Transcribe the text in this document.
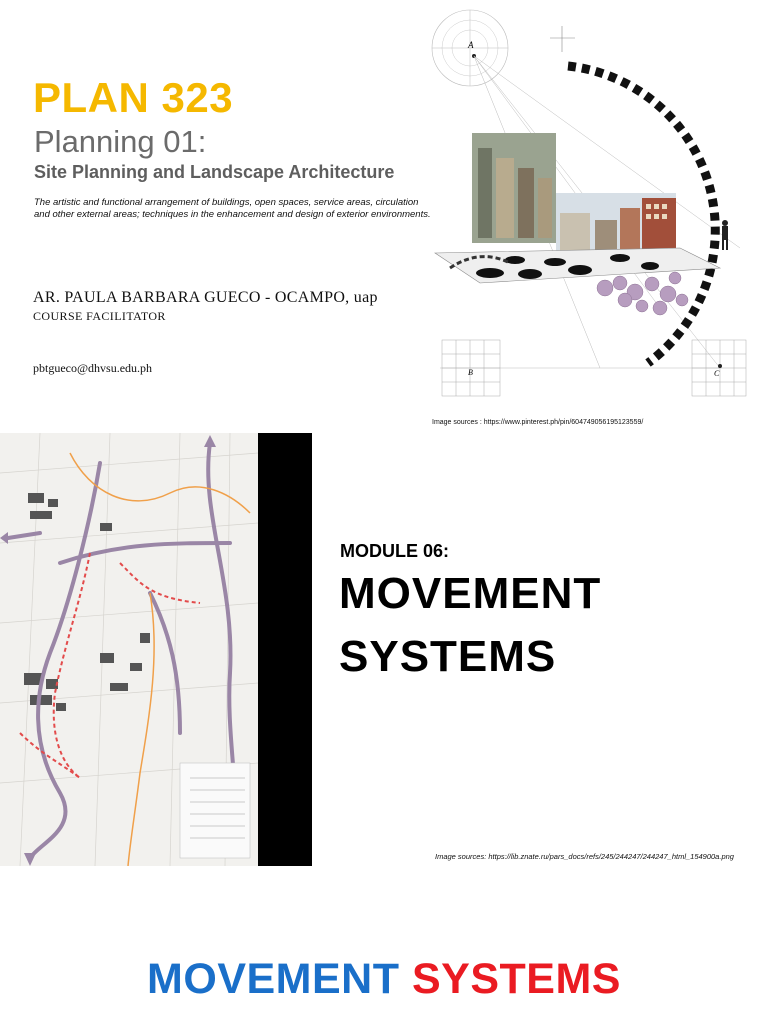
PLAN 323
Planning 01:
Site Planning and Landscape Architecture
The artistic and functional arrangement of buildings, open spaces, service areas, circulation and other external areas; techniques in the enhancement and design of exterior environments.
AR. PAULA BARBARA GUECO - OCAMPO, uap
COURSE FACILITATOR
pbtgueco@dhvsu.edu.ph
A
B	C
Image sources : https://www.pinterest.ph/pin/604749056195123559/
MODULE 06:
MOVEMENT
SYSTEMS
Image sources: https://lib.znate.ru/pars_docs/refs/245/244247/244247_html_154900a.png
MOVEMENT SYSTEMS
